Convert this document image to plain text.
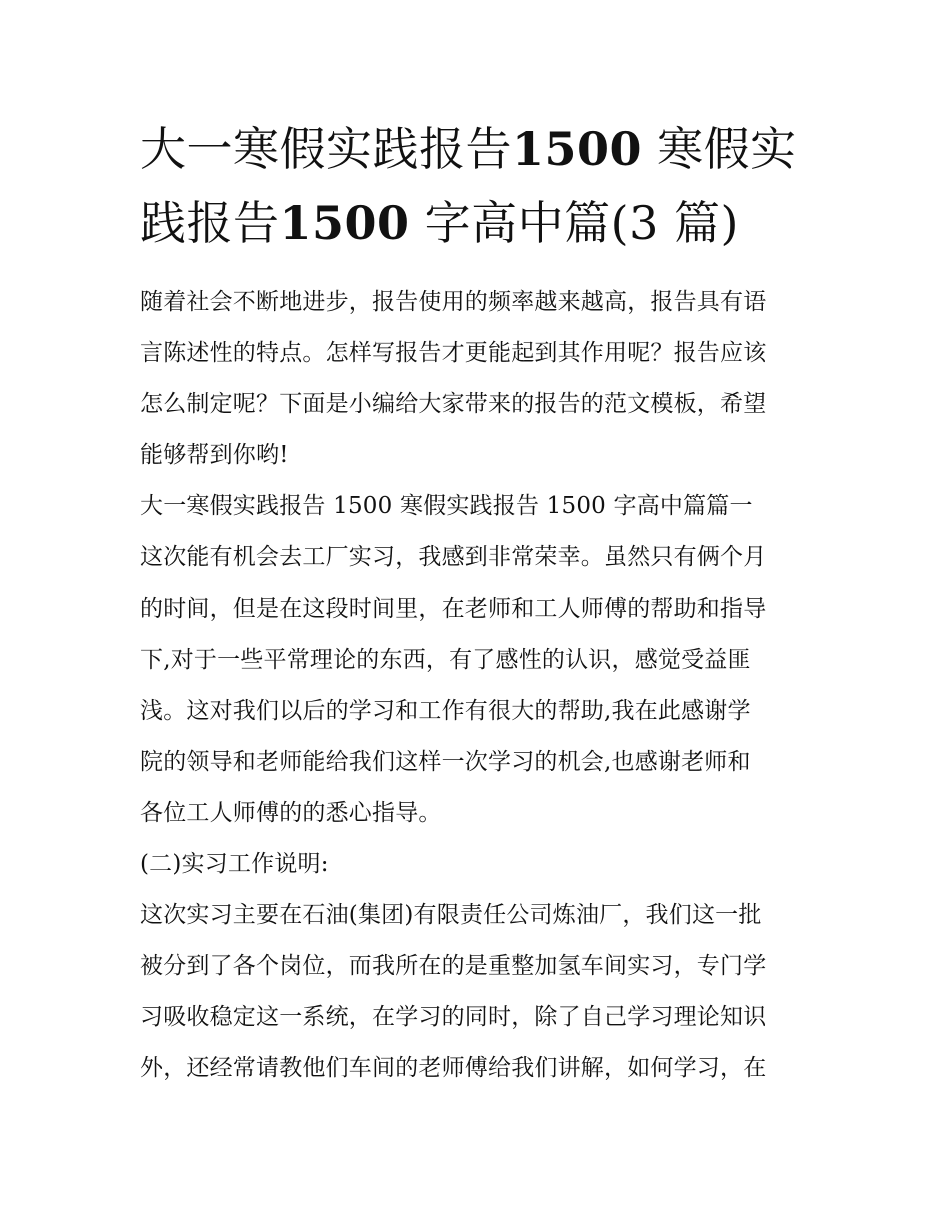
大一寒假实践报告1500 寒假实
践报告1500 字高中篇(3 篇)
随着社会不断地进步，报告使用的频率越来越高，报告具有语
言陈述性的特点。怎样写报告才更能起到其作用呢？报告应该
怎么制定呢？下面是小编给大家带来的报告的范文模板，希望
能够帮到你哟!
大一寒假实践报告 1500 寒假实践报告 1500 字高中篇篇一
这次能有机会去工厂实习，我感到非常荣幸。虽然只有俩个月
的时间，但是在这段时间里，在老师和工人师傅的帮助和指导
下,对于一些平常理论的东西，有了感性的认识，感觉受益匪
浅。这对我们以后的学习和工作有很大的帮助,我在此感谢学
院的领导和老师能给我们这样一次学习的机会,也感谢老师和
各位工人师傅的的悉心指导。
(二)实习工作说明:
这次实习主要在石油(集团)有限责任公司炼油厂，我们这一批
被分到了各个岗位，而我所在的是重整加氢车间实习，专门学
习吸收稳定这一系统，在学习的同时，除了自己学习理论知识
外，还经常请教他们车间的老师傅给我们讲解，如何学习，在
